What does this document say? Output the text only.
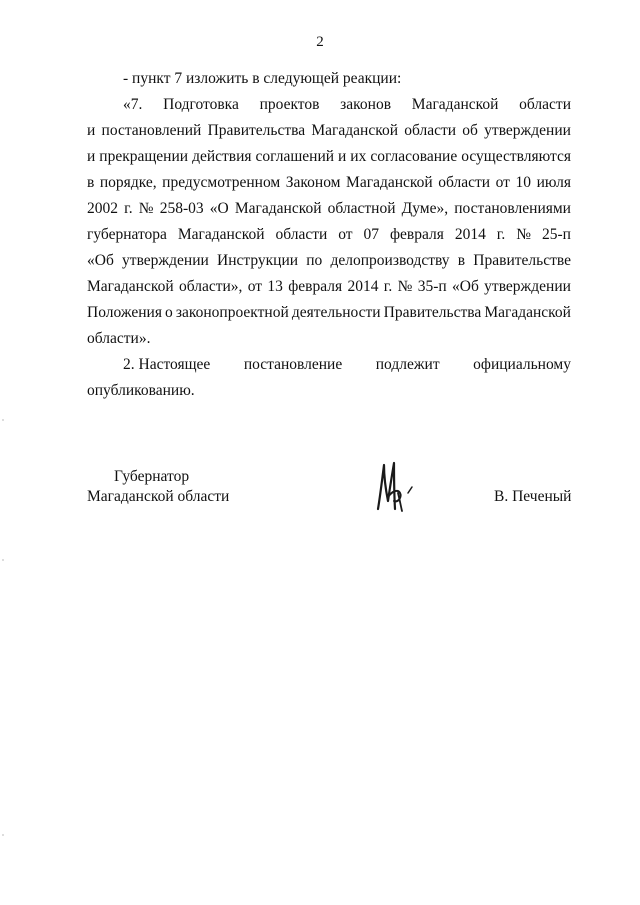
2
- пункт 7 изложить в следующей реакции:
«7. Подготовка проектов законов Магаданской области
и постановлений Правительства Магаданской области об утверждении
и прекращении действия соглашений и их согласование осуществляются
в порядке, предусмотренном Законом Магаданской области от 10 июля
2002 г. № 258-03 «О Магаданской областной Думе», постановлениями
губернатора Магаданской области от 07 февраля 2014 г. № 25-п
«Об утверждении Инструкции по делопроизводству в Правительстве
Магаданской области», от 13 февраля 2014 г. № 35-п «Об утверждении
Положения о законопроектной деятельности Правительства Магаданской
области».
2. Настоящее постановление подлежит официальному
опубликованию.
Губернатор
Магаданской области	В. Печеный
